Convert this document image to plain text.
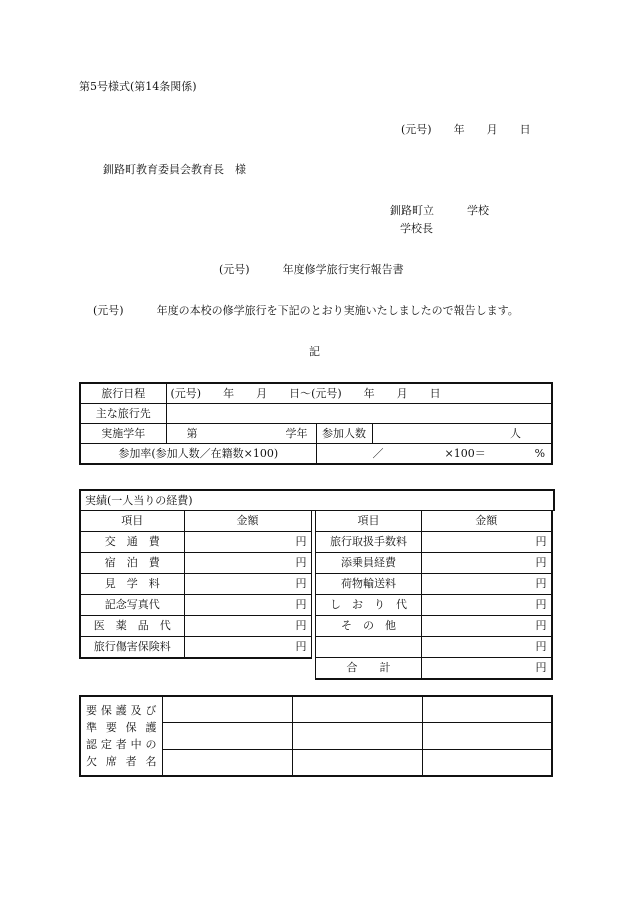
第5号様式(第14条関係)
(元号)　　年　　月　　日
釧路町教育委員会教育長　様
釧路町立　　　学校
学校長
(元号)　　　年度修学旅行実行報告書
(元号)　　　年度の本校の修学旅行を下記のとおり実施いたしましたので報告します。
記
旅行日程	(元号)　　年　　月　　日〜(元号)　　年　　月　　日		
主な旅行先			
実施学年	第 学年	参加人数	人
参加率(参加人数／在籍数×100)		／ ×100＝ %	
実績(一人当りの経費)
項目	金額
交　通　費	円
宿　泊　費	円
見　学　料	円
記念写真代	円
医　薬　品　代	円
旅行傷害保険料	円
項目	金額
旅行取扱手数料	円
添乗員経費	円
荷物輸送料	円
し　お　り　代	円
そ　の　他	円
	円
合　　計	円
要保護及び
準要保護
認定者中の
欠席者名			
